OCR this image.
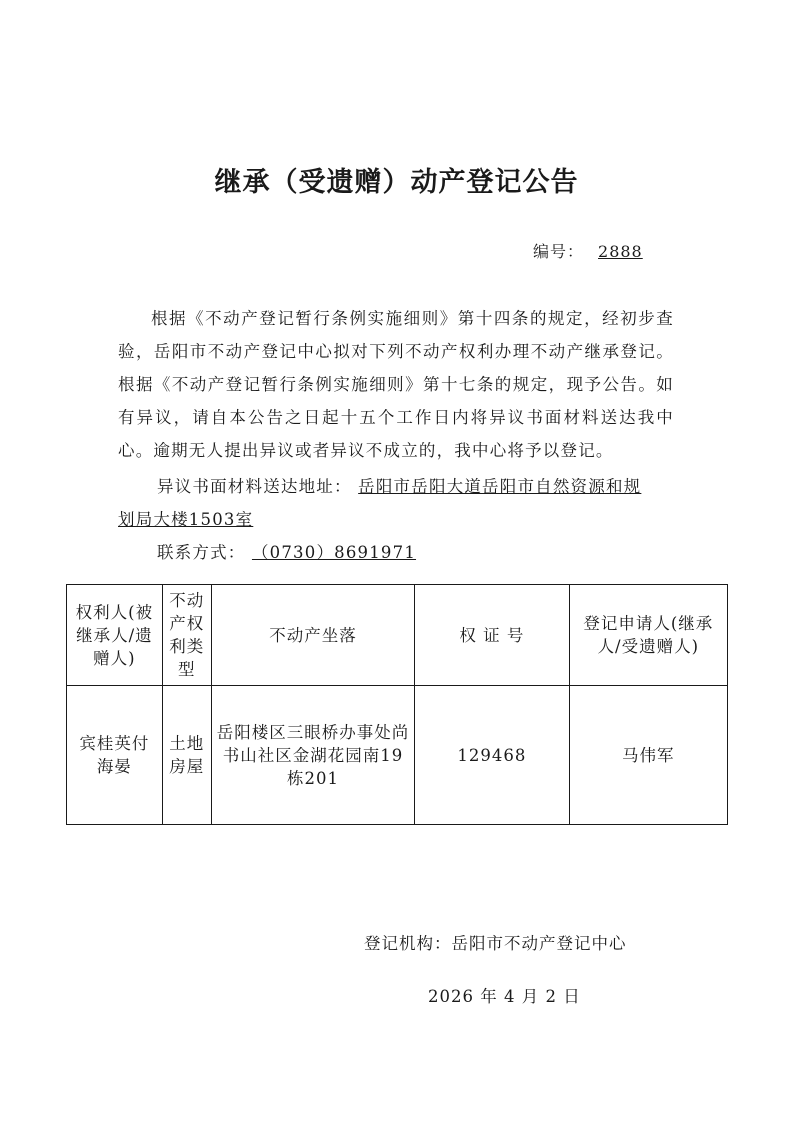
继承（受遗赠）动产登记公告
编号： 2888
根据《不动产登记暂行条例实施细则》第十四条的规定，经初步查验，岳阳市不动产登记中心拟对下列不动产权利办理不动产继承登记。根据《不动产登记暂行条例实施细则》第十七条的规定，现予公告。如有异议，请自本公告之日起十五个工作日内将异议书面材料送达我中心。逾期无人提出异议或者异议不成立的，我中心将予以登记。
异议书面材料送达地址： 岳阳市岳阳大道岳阳市自然资源和规
划局大楼1503室
联系方式： （0730）8691971
权利人(被继承人/遗赠人)	不动产权利类型	不动产坐落	权 证 号	登记申请人(继承人/受遗赠人)
宾桂英付海晏	土地房屋	岳阳楼区三眼桥办事处尚书山社区金湖花园南19栋201	129468	马伟军
登记机构：岳阳市不动产登记中心
2026 年 4 月 2 日
